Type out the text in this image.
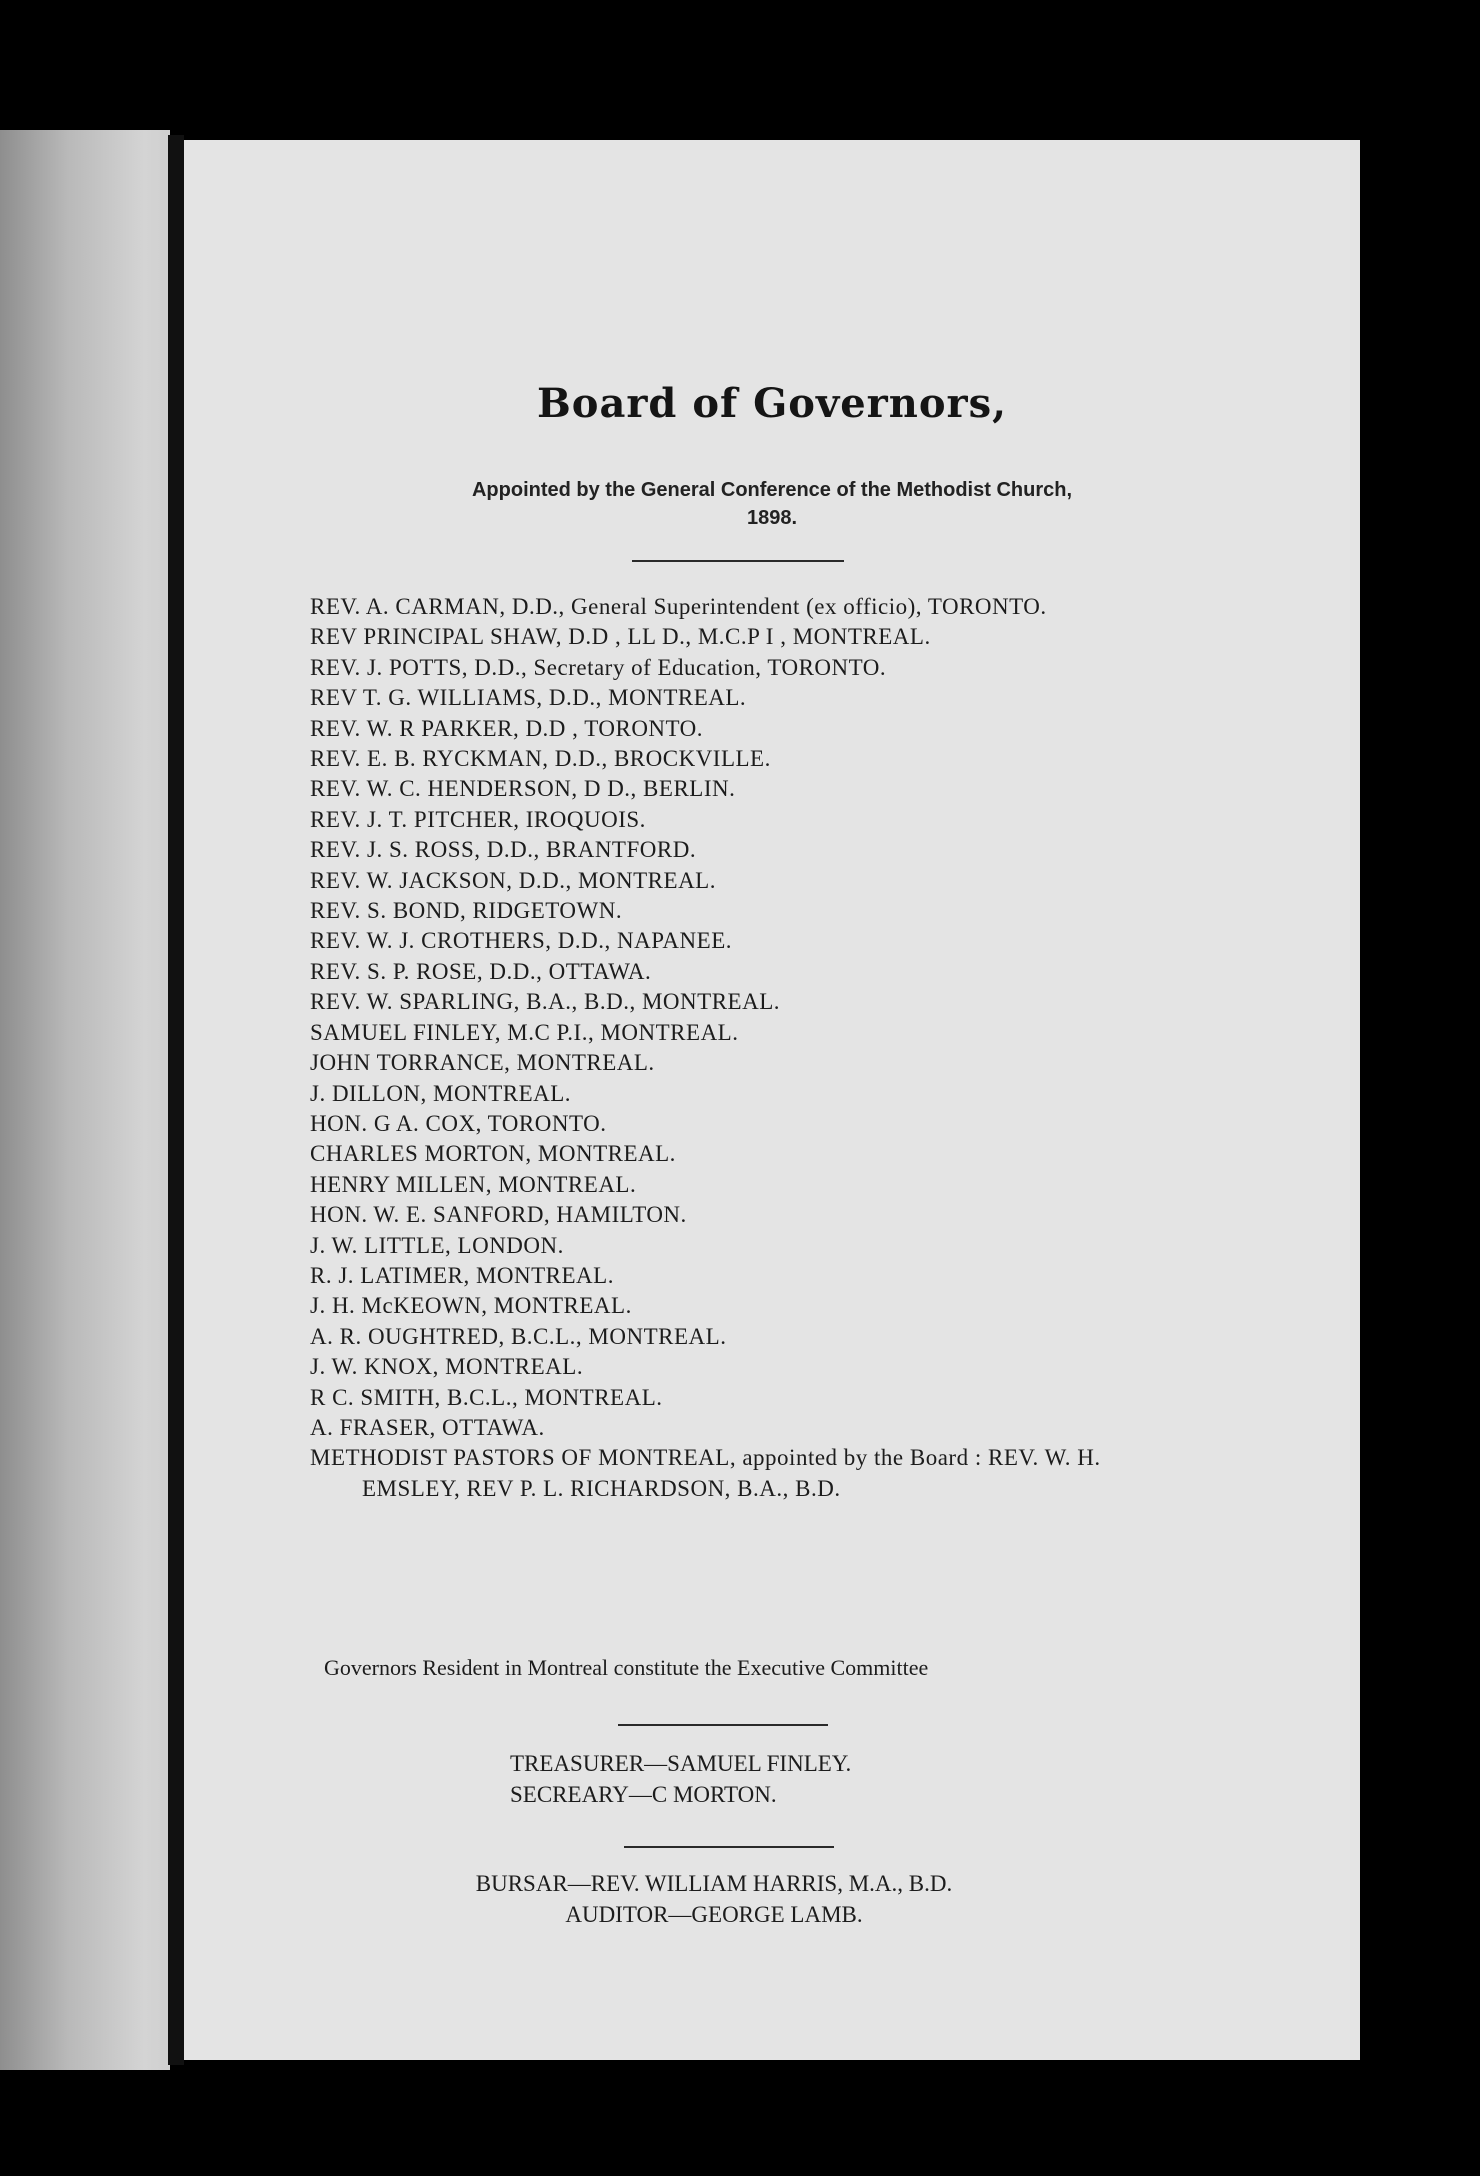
Board of Governors,
Appointed by the General Conference of the Methodist Church,
1898.
REV. A. CARMAN, D.D., General Superintendent (ex officio), TORONTO.
REV PRINCIPAL SHAW, D.D , LL D., M.C.P I , MONTREAL.
REV. J. POTTS, D.D., Secretary of Education, TORONTO.
REV T. G. WILLIAMS, D.D., MONTREAL.
REV. W. R PARKER, D.D , TORONTO.
REV. E. B. RYCKMAN, D.D., BROCKVILLE.
REV. W. C. HENDERSON, D D., BERLIN.
REV. J. T. PITCHER, IROQUOIS.
REV. J. S. ROSS, D.D., BRANTFORD.
REV. W. JACKSON, D.D., MONTREAL.
REV. S. BOND, RIDGETOWN.
REV. W. J. CROTHERS, D.D., NAPANEE.
REV. S. P. ROSE, D.D., OTTAWA.
REV. W. SPARLING, B.A., B.D., MONTREAL.
SAMUEL FINLEY, M.C P.I., MONTREAL.
JOHN TORRANCE, MONTREAL.
J. DILLON, MONTREAL.
HON. G A. COX, TORONTO.
CHARLES MORTON, MONTREAL.
HENRY MILLEN, MONTREAL.
HON. W. E. SANFORD, HAMILTON.
J. W. LITTLE, LONDON.
R. J. LATIMER, MONTREAL.
J. H. McKEOWN, MONTREAL.
A. R. OUGHTRED, B.C.L., MONTREAL.
J. W. KNOX, MONTREAL.
R C. SMITH, B.C.L., MONTREAL.
A. FRASER, OTTAWA.
METHODIST PASTORS OF MONTREAL, appointed by the Board : REV. W. H.
EMSLEY, REV P. L. RICHARDSON, B.A., B.D.
Governors Resident in Montreal constitute the Executive Committee
TREASURER—SAMUEL FINLEY.
SECREARY—C MORTON.
BURSAR—REV. WILLIAM HARRIS, M.A., B.D.
AUDITOR—GEORGE LAMB.
